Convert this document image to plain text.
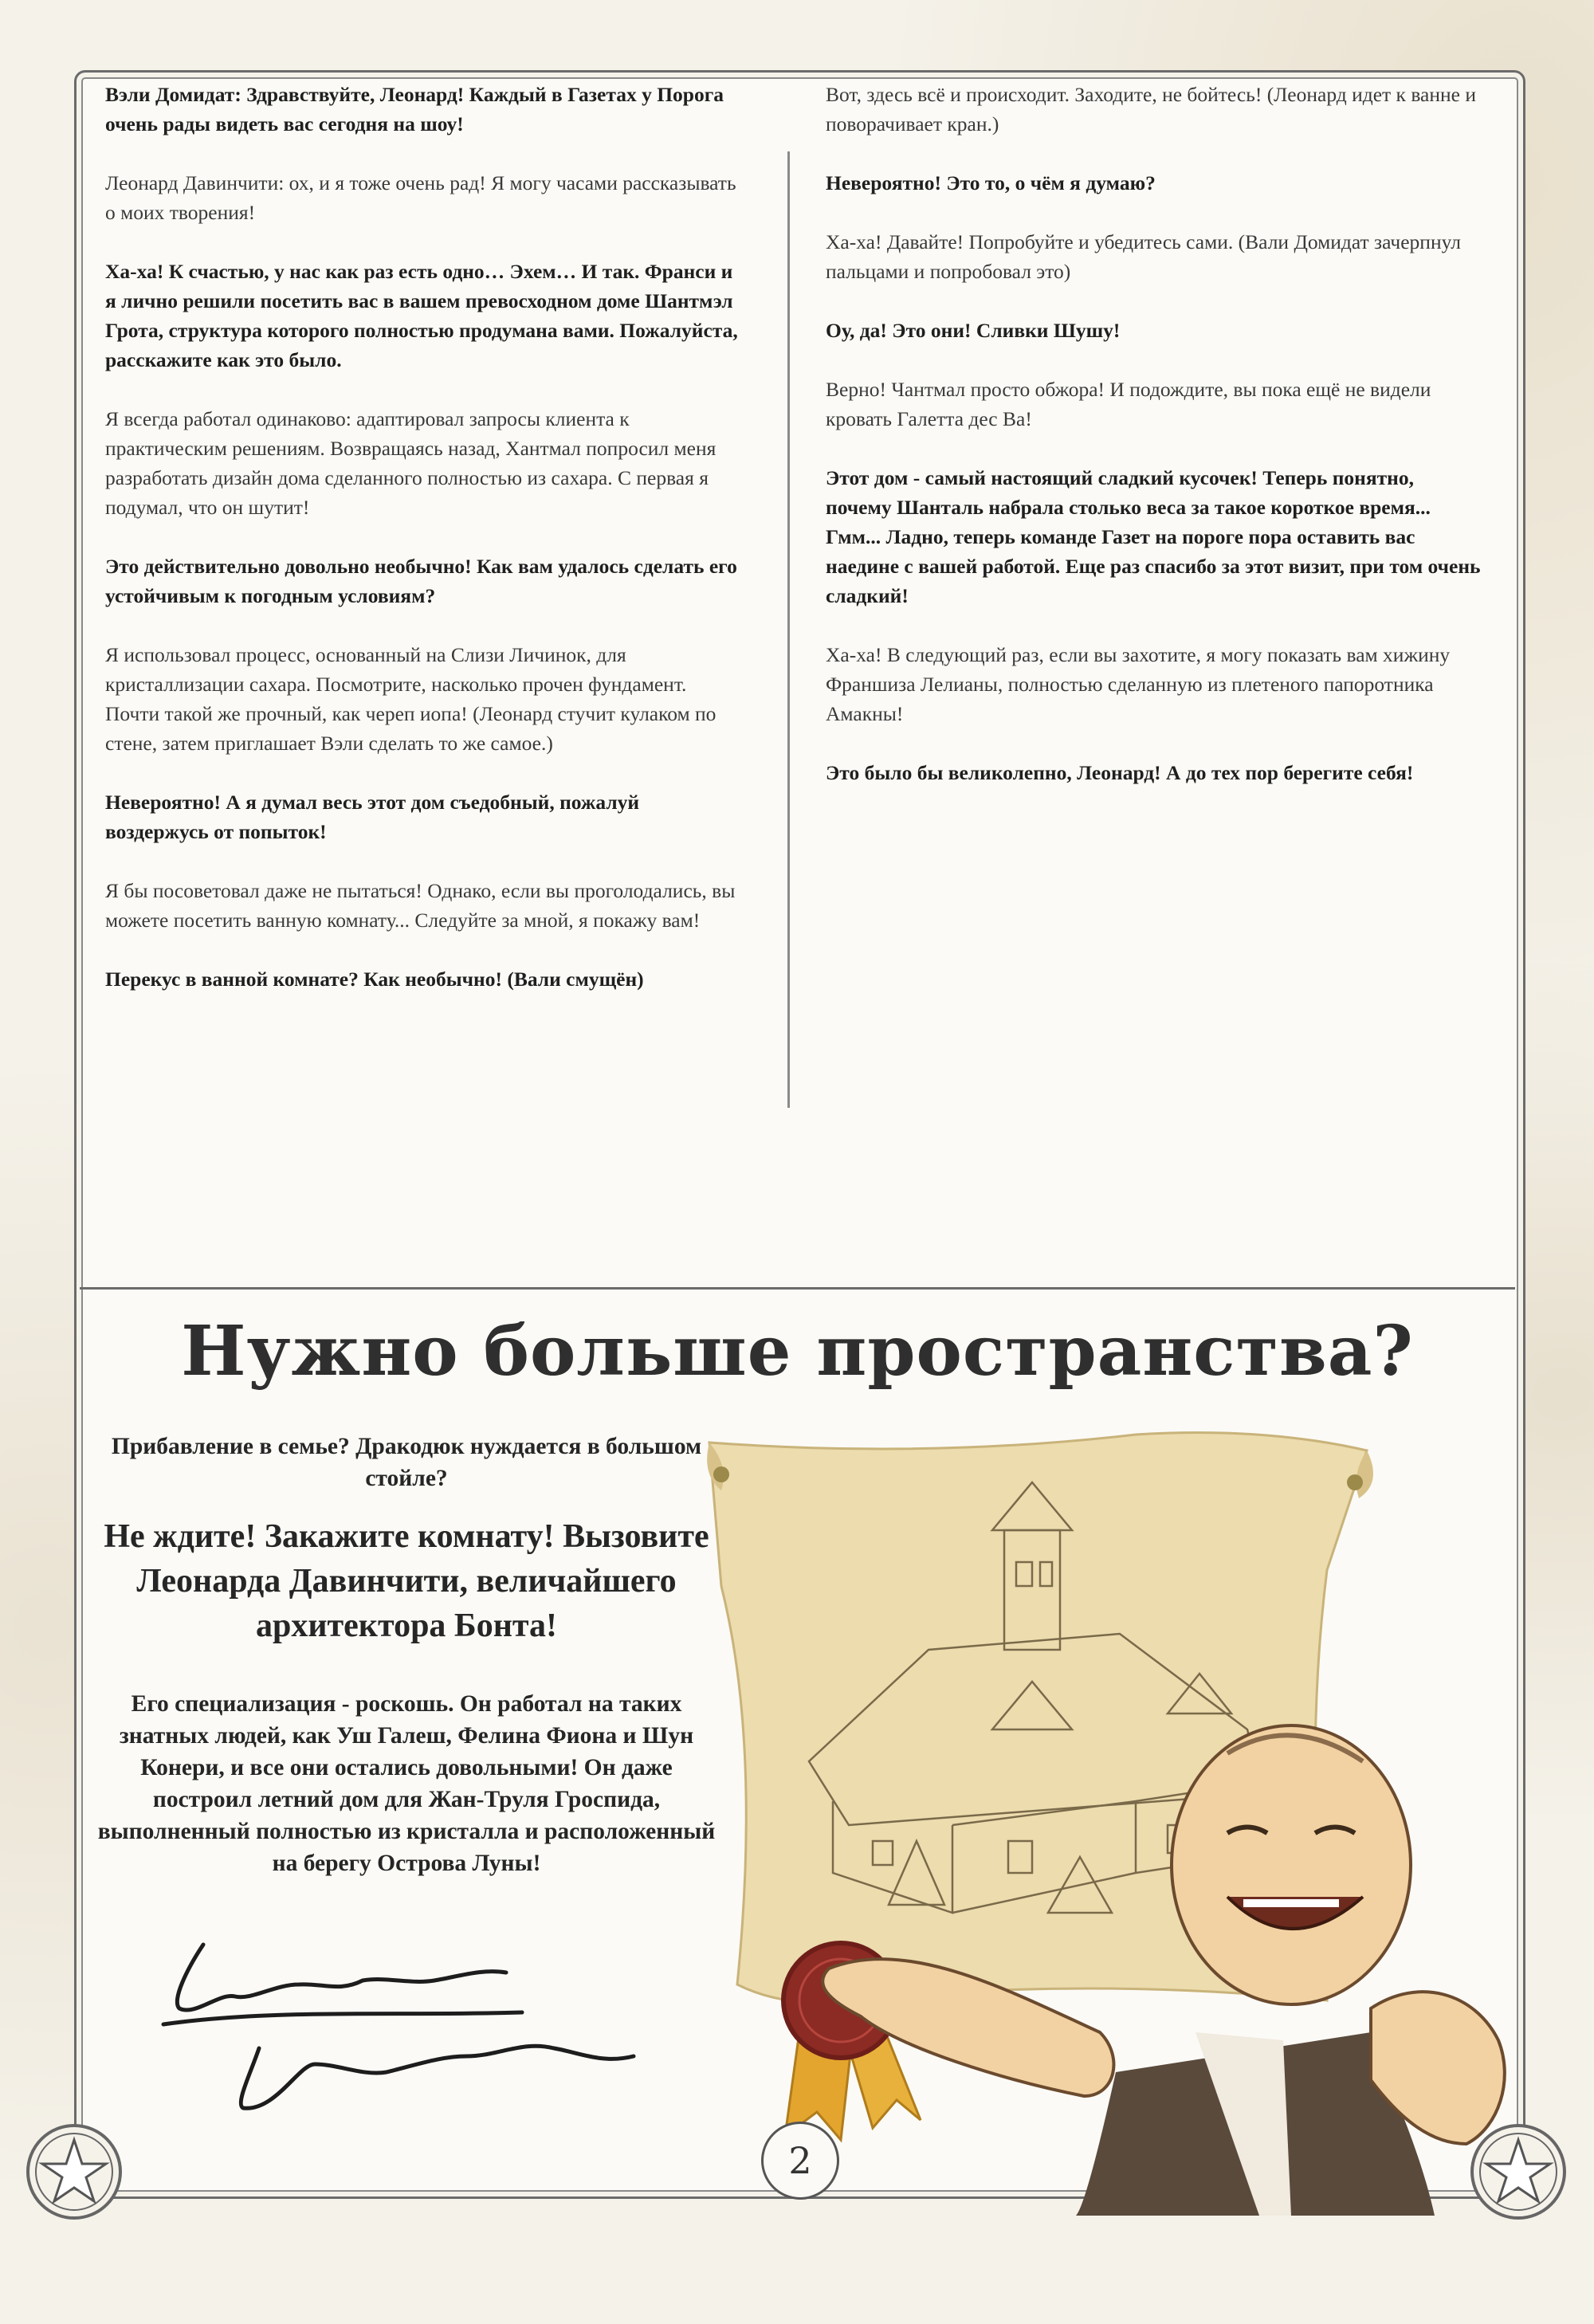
Вэли Домидат: Здравствуйте, Леонард! Каждый в Газетах у Порога очень рады видеть вас сегодня на шоу!

Леонард Давинчити: ох, и я тоже очень рад! Я могу часами рассказывать о моих творения!

Ха-ха! К счастью, у нас как раз есть одно… Эхем… И так. Франси и я лично решили посетить вас в вашем превосходном доме Шантмэл Грота, структура которого полностью продумана вами. Пожалуйста, расскажите как это было.

Я всегда работал одинаково: адаптировал запросы клиента к практическим решениям. Возвращаясь назад, Хантмал попросил меня разработать дизайн дома сделанного полностью из сахара. С первая я подумал, что он шутит!

Это действительно довольно необычно! Как вам удалось сделать его устойчивым к погодным условиям?

Я использовал процесс, основанный на Слизи Личинок, для кристаллизации сахара. Посмотрите, насколько прочен фундамент. Почти такой же прочный, как череп иопа! (Леонард стучит кулаком по стене, затем приглашает Вэли сделать то же самое.)

Невероятно! А я думал весь этот дом съедобный, пожалуй воздержусь от попыток!

Я бы посоветовал даже не пытаться! Однако, если вы проголодались, вы можете посетить ванную комнату... Следуйте за мной, я покажу вам!

Перекус в ванной комнате? Как необычно! (Вали смущён)

Вот, здесь всё и происходит. Заходите, не бойтесь! (Леонард идет к ванне и поворачивает кран.)

Невероятно! Это то, о чём я думаю?

Ха-ха! Давайте! Попробуйте и убедитесь сами. (Вали Домидат зачерпнул пальцами и попробовал это)

Оу, да! Это они! Сливки Шушу!

Верно! Чантмал просто обжора! И подождите, вы пока ещё не видели кровать Галетта дес Ва!

Этот дом - самый настоящий сладкий кусочек! Теперь понятно, почему Шанталь набрала столько веса за такое короткое время... Гмм... Ладно, теперь команде Газет на пороге пора оставить вас наедине с вашей работой. Еще раз спасибо за этот визит, при том очень сладкий!

Ха-ха! В следующий раз, если вы захотите, я могу показать вам хижину Франшиза Лелианы, полностью сделанную из плетеного папоротника Амакны!

Это было бы великолепно, Леонард! А до тех пор берегите себя!

Нужно больше пространства?
Прибавление в семье? Дракодюк нуждается в большом стойле?
Не ждите! Закажите комнату! Вызовите Леонарда Давинчити, величайшего архитектора Бонта!
Его специализация - роскошь. Он работал на таких знатных людей, как Уш Галеш, Фелина Фиона и Шун Конери, и все они остались довольными! Он даже построил летний дом для Жан-Труля Гроспида, выполненный полностью из кристалла и расположенный на берегу Острова Луны!
2
